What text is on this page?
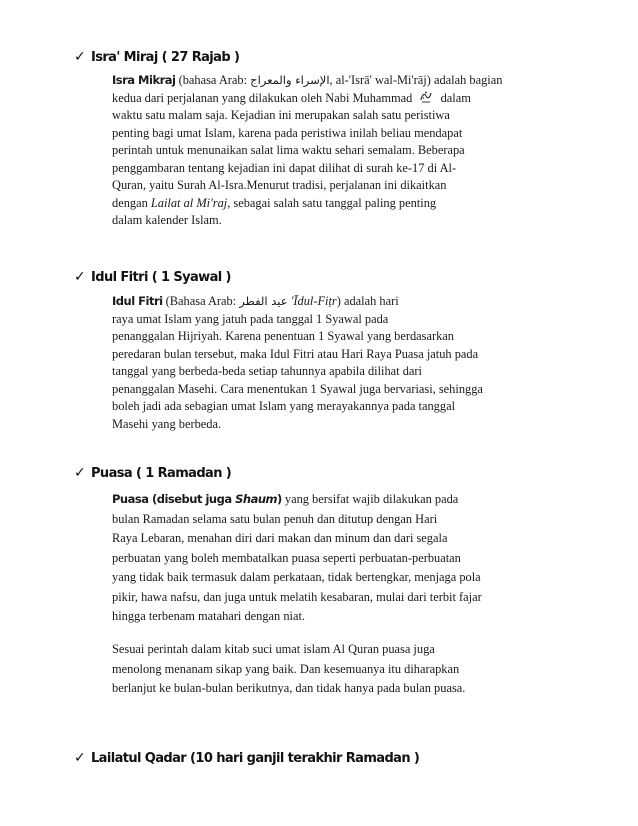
✓ Isra' Miraj ( 27 Rajab )
Isra Mikraj (bahasa Arab: الإسراء والمعراج, al-'Isrā' wal-Mi'rāj) adalah bagian
kedua dari perjalanan yang dilakukan oleh Nabi Muhammad dalam
waktu satu malam saja. Kejadian ini merupakan salah satu peristiwa
penting bagi umat Islam, karena pada peristiwa inilah beliau mendapat
perintah untuk menunaikan salat lima waktu sehari semalam. Beberapa
penggambaran tentang kejadian ini dapat dilihat di surah ke-17 di Al-
Quran, yaitu Surah Al-Isra.Menurut tradisi, perjalanan ini dikaitkan
dengan Lailat al Mi'raj, sebagai salah satu tanggal paling penting
dalam kalender Islam.
✓ Idul Fitri ( 1 Syawal )
Idul Fitri (Bahasa Arab: عيد الفطر 'Īdul-Fiṭr) adalah hari
raya umat Islam yang jatuh pada tanggal 1 Syawal pada
penanggalan Hijriyah. Karena penentuan 1 Syawal yang berdasarkan
peredaran bulan tersebut, maka Idul Fitri atau Hari Raya Puasa jatuh pada
tanggal yang berbeda-beda setiap tahunnya apabila dilihat dari
penanggalan Masehi. Cara menentukan 1 Syawal juga bervariasi, sehingga
boleh jadi ada sebagian umat Islam yang merayakannya pada tanggal
Masehi yang berbeda.
✓ Puasa ( 1 Ramadan )
Puasa (disebut juga Shaum) yang bersifat wajib dilakukan pada
bulan Ramadan selama satu bulan penuh dan ditutup dengan Hari
Raya Lebaran, menahan diri dari makan dan minum dan dari segala
perbuatan yang boleh membatalkan puasa seperti perbuatan-perbuatan
yang tidak baik termasuk dalam perkataan, tidak bertengkar, menjaga pola
pikir, hawa nafsu, dan juga untuk melatih kesabaran, mulai dari terbit fajar
hingga terbenam matahari dengan niat.
Sesuai perintah dalam kitab suci umat islam Al Quran puasa juga
menolong menanam sikap yang baik. Dan kesemuanya itu diharapkan
berlanjut ke bulan-bulan berikutnya, dan tidak hanya pada bulan puasa.
✓ Lailatul Qadar (10 hari ganjil terakhir Ramadan )
